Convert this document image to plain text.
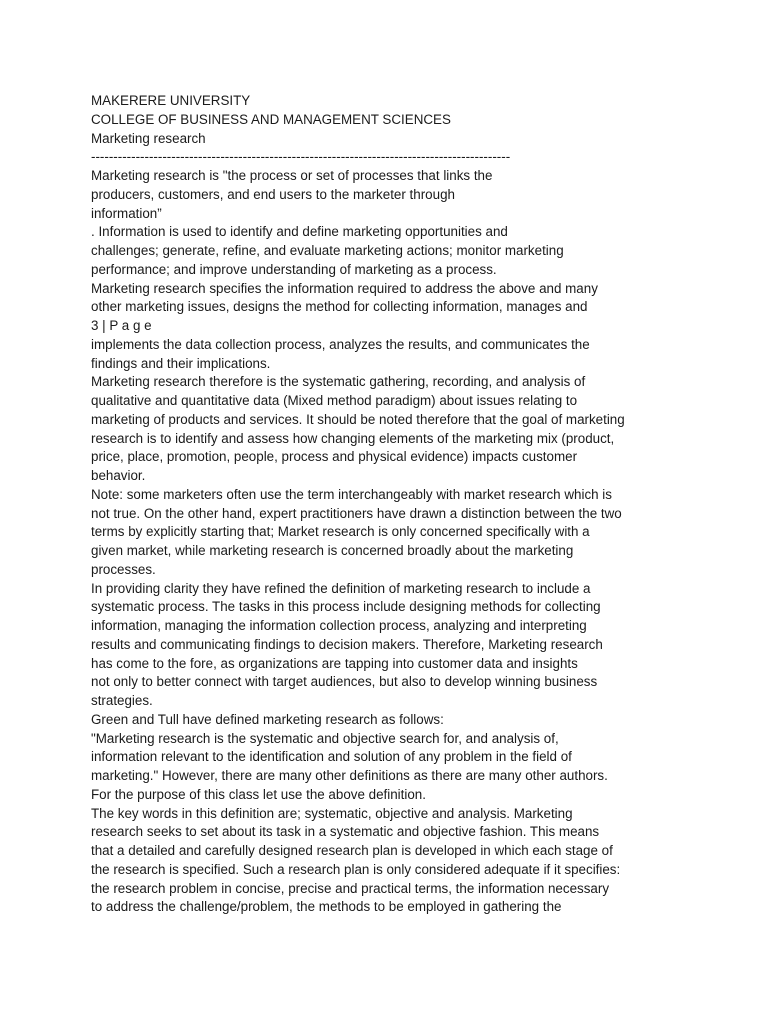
MAKERERE UNIVERSITY
COLLEGE OF BUSINESS AND MANAGEMENT SCIENCES
Marketing research
----------------------------------------------------------------------------------------------
Marketing research is "the process or set of processes that links the
producers, customers, and end users to the marketer through
information”
. Information is used to identify and define marketing opportunities and
challenges; generate, refine, and evaluate marketing actions; monitor marketing
performance; and improve understanding of marketing as a process.
Marketing research specifies the information required to address the above and many
other marketing issues, designs the method for collecting information, manages and
3 | P a g e
implements the data collection process, analyzes the results, and communicates the
findings and their implications.
Marketing research therefore is the systematic gathering, recording, and analysis of
qualitative and quantitative data (Mixed method paradigm) about issues relating to
marketing of products and services. It should be noted therefore that the goal of marketing
research is to identify and assess how changing elements of the marketing mix (product,
price, place, promotion, people, process and physical evidence) impacts customer
behavior.
Note: some marketers often use the term interchangeably with market research which is
not true. On the other hand, expert practitioners have drawn a distinction between the two
terms by explicitly starting that; Market research is only concerned specifically with a
given market, while marketing research is concerned broadly about the marketing
processes.
In providing clarity they have refined the definition of marketing research to include a
systematic process. The tasks in this process include designing methods for collecting
information, managing the information collection process, analyzing and interpreting
results and communicating findings to decision makers. Therefore, Marketing research
has come to the fore, as organizations are tapping into customer data and insights
not only to better connect with target audiences, but also to develop winning business
strategies.
Green and Tull have defined marketing research as follows:
"Marketing research is the systematic and objective search for, and analysis of,
information relevant to the identification and solution of any problem in the field of
marketing." However, there are many other definitions as there are many other authors.
For the purpose of this class let use the above definition.
The key words in this definition are; systematic, objective and analysis. Marketing
research seeks to set about its task in a systematic and objective fashion. This means
that a detailed and carefully designed research plan is developed in which each stage of
the research is specified. Such a research plan is only considered adequate if it specifies:
the research problem in concise, precise and practical terms, the information necessary
to address the challenge/problem, the methods to be employed in gathering the
